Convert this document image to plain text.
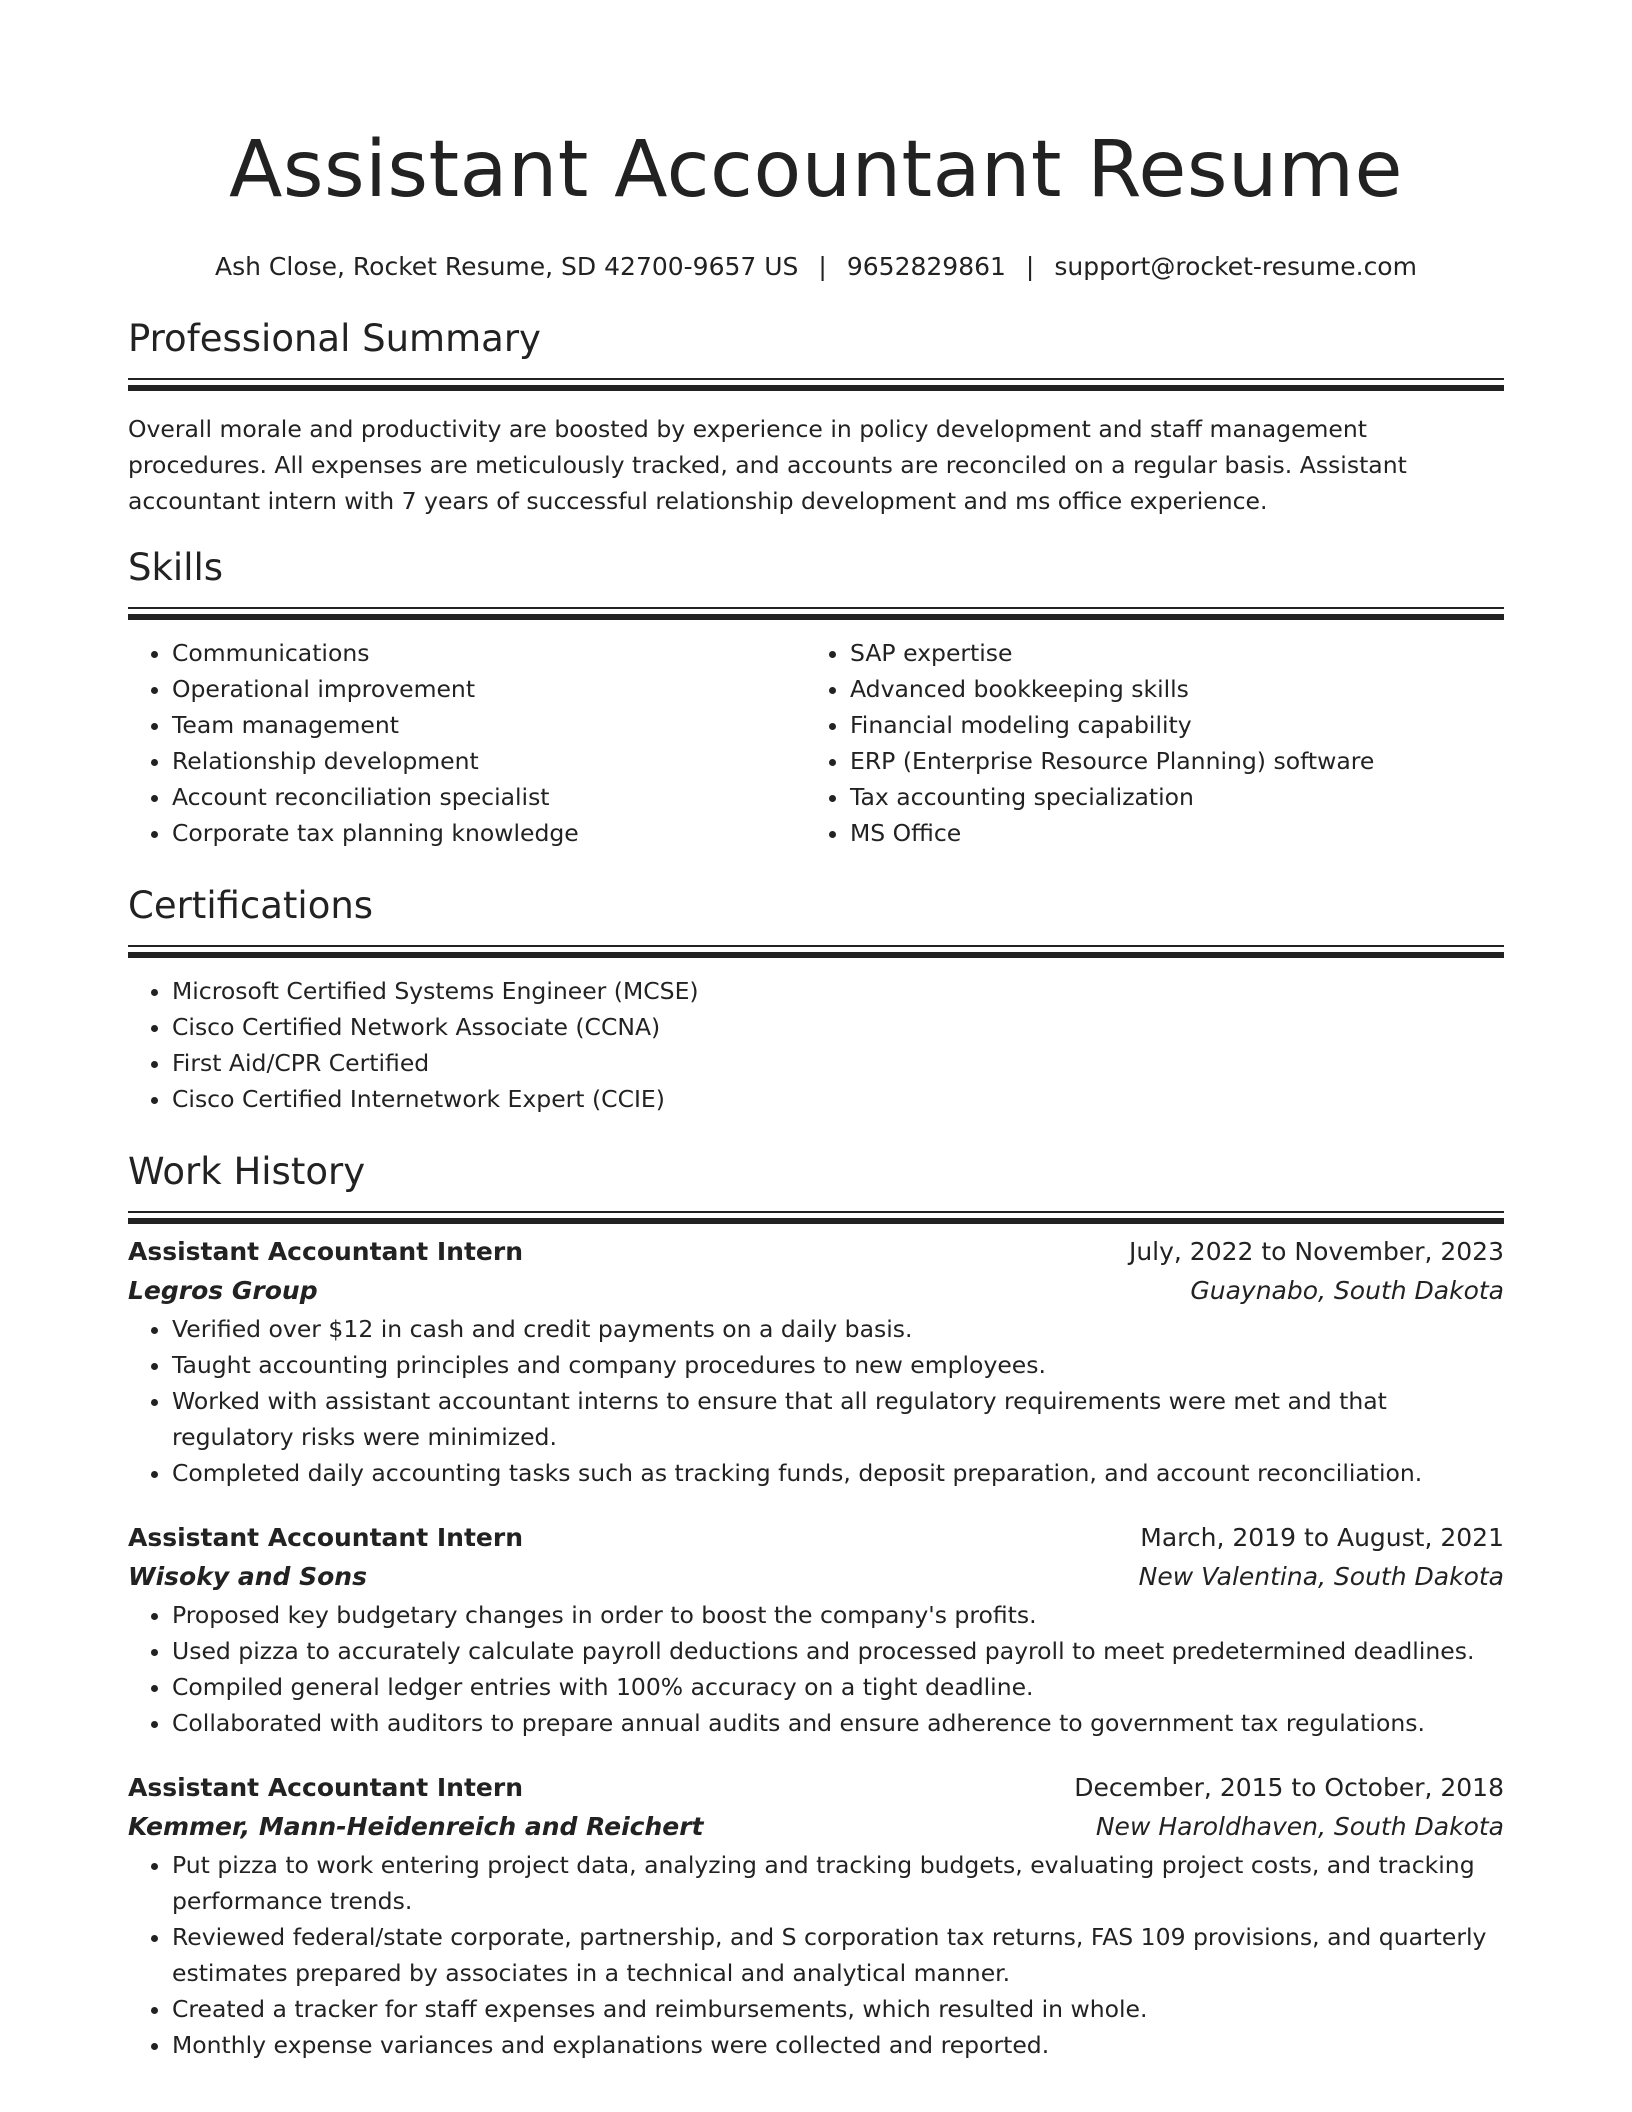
Assistant Accountant Resume
Ash Close, Rocket Resume, SD 42700-9657 US | 9652829861 | support@rocket-resume.com
Professional Summary

Overall morale and productivity are boosted by experience in policy development and staff management procedures. All expenses are meticulously tracked, and accounts are reconciled on a regular basis. Assistant accountant intern with 7 years of successful relationship development and ms office experience.

Skills
• Communications
• Operational improvement
• Team management
• Relationship development
• Account reconciliation specialist
• Corporate tax planning knowledge
• SAP expertise
• Advanced bookkeeping skills
• Financial modeling capability
• ERP (Enterprise Resource Planning) software
• Tax accounting specialization
• MS Office
Certifications
• Microsoft Certified Systems Engineer (MCSE)
• Cisco Certified Network Associate (CCNA)
• First Aid/CPR Certified
• Cisco Certified Internetwork Expert (CCIE)
Work History
Assistant Accountant Intern	July, 2022 to November, 2023
Legros Group	Guaynabo, South Dakota
• Verified over $12 in cash and credit payments on a daily basis.
• Taught accounting principles and company procedures to new employees.
• Worked with assistant accountant interns to ensure that all regulatory requirements were met and that regulatory risks were minimized.
• Completed daily accounting tasks such as tracking funds, deposit preparation, and account reconciliation.
Assistant Accountant Intern	March, 2019 to August, 2021
Wisoky and Sons	New Valentina, South Dakota
• Proposed key budgetary changes in order to boost the company's profits.
• Used pizza to accurately calculate payroll deductions and processed payroll to meet predetermined deadlines.
• Compiled general ledger entries with 100% accuracy on a tight deadline.
• Collaborated with auditors to prepare annual audits and ensure adherence to government tax regulations.
Assistant Accountant Intern	December, 2015 to October, 2018
Kemmer, Mann-Heidenreich and Reichert	New Haroldhaven, South Dakota
• Put pizza to work entering project data, analyzing and tracking budgets, evaluating project costs, and tracking performance trends.
• Reviewed federal/state corporate, partnership, and S corporation tax returns, FAS 109 provisions, and quarterly estimates prepared by associates in a technical and analytical manner.
• Created a tracker for staff expenses and reimbursements, which resulted in whole.
• Monthly expense variances and explanations were collected and reported.
